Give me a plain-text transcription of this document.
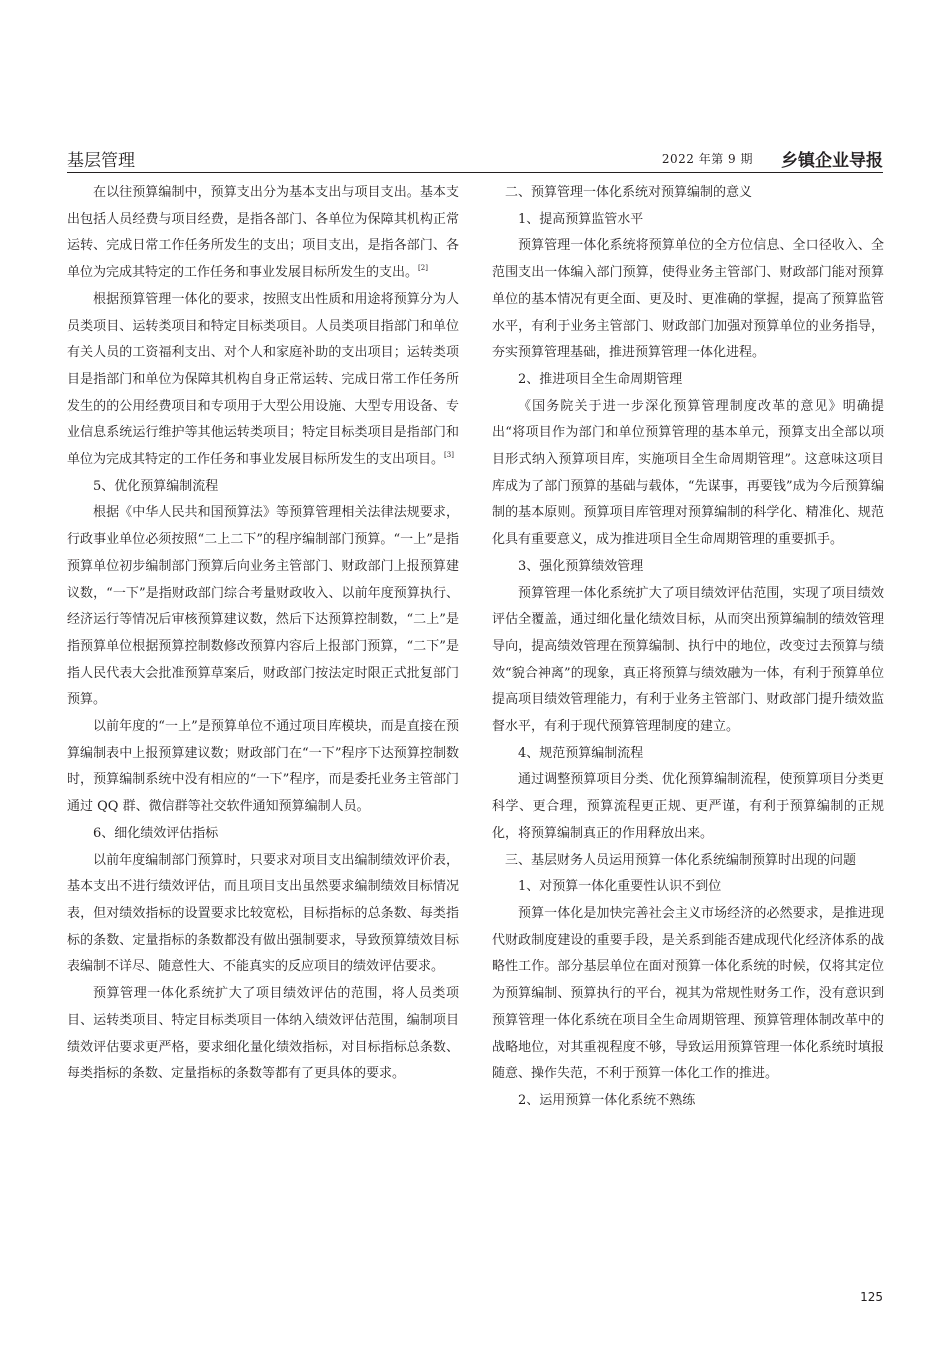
基层管理	2022 年第 9 期 乡镇企业导报

在以往预算编制中，预算支出分为基本支出与项目支出。基本支出包括人员经费与项目经费，是指各部门、各单位为保障其机构正常运转、完成日常工作任务所发生的支出；项目支出，是指各部门、各单位为完成其特定的工作任务和事业发展目标所发生的支出。[2]

根据预算管理一体化的要求，按照支出性质和用途将预算分为人员类项目、运转类项目和特定目标类项目。人员类项目指部门和单位有关人员的工资福利支出、对个人和家庭补助的支出项目；运转类项目是指部门和单位为保障其机构自身正常运转、完成日常工作任务所发生的的公用经费项目和专项用于大型公用设施、大型专用设备、专业信息系统运行维护等其他运转类项目；特定目标类项目是指部门和单位为完成其特定的工作任务和事业发展目标所发生的支出项目。[3]

5、优化预算编制流程

根据《中华人民共和国预算法》等预算管理相关法律法规要求，行政事业单位必须按照“二上二下”的程序编制部门预算。“一上”是指预算单位初步编制部门预算后向业务主管部门、财政部门上报预算建议数，“一下”是指财政部门综合考量财政收入、以前年度预算执行、经济运行等情况后审核预算建议数，然后下达预算控制数，“二上”是指预算单位根据预算控制数修改预算内容后上报部门预算，“二下”是指人民代表大会批准预算草案后，财政部门按法定时限正式批复部门预算。

以前年度的“一上”是预算单位不通过项目库模块，而是直接在预算编制表中上报预算建议数；财政部门在“一下”程序下达预算控制数时，预算编制系统中没有相应的“一下”程序，而是委托业务主管部门通过 QQ 群、微信群等社交软件通知预算编制人员。

6、细化绩效评估指标

以前年度编制部门预算时，只要求对项目支出编制绩效评价表，基本支出不进行绩效评估，而且项目支出虽然要求编制绩效目标情况表，但对绩效指标的设置要求比较宽松，目标指标的总条数、每类指标的条数、定量指标的条数都没有做出强制要求，导致预算绩效目标表编制不详尽、随意性大、不能真实的反应项目的绩效评估要求。

预算管理一体化系统扩大了项目绩效评估的范围，将人员类项目、运转类项目、特定目标类项目一体纳入绩效评估范围，编制项目绩效评估要求更严格，要求细化量化绩效指标，对目标指标总条数、每类指标的条数、定量指标的条数等都有了更具体的要求。

二、预算管理一体化系统对预算编制的意义
1、提高预算监管水平

预算管理一体化系统将预算单位的全方位信息、全口径收入、全范围支出一体编入部门预算，使得业务主管部门、财政部门能对预算单位的基本情况有更全面、更及时、更准确的掌握，提高了预算监管水平，有利于业务主管部门、财政部门加强对预算单位的业务指导，夯实预算管理基础，推进预算管理一体化进程。

2、推进项目全生命周期管理

《国务院关于进一步深化预算管理制度改革的意见》明确提出“将项目作为部门和单位预算管理的基本单元，预算支出全部以项目形式纳入预算项目库，实施项目全生命周期管理”。这意味这项目库成为了部门预算的基础与载体，“先谋事，再要钱”成为今后预算编制的基本原则。预算项目库管理对预算编制的科学化、精准化、规范化具有重要意义，成为推进项目全生命周期管理的重要抓手。

3、强化预算绩效管理

预算管理一体化系统扩大了项目绩效评估范围，实现了项目绩效评估全覆盖，通过细化量化绩效目标，从而突出预算编制的绩效管理导向，提高绩效管理在预算编制、执行中的地位，改变过去预算与绩效“貌合神离”的现象，真正将预算与绩效融为一体，有利于预算单位提高项目绩效管理能力，有利于业务主管部门、财政部门提升绩效监督水平，有利于现代预算管理制度的建立。

4、规范预算编制流程

通过调整预算项目分类、优化预算编制流程，使预算项目分类更科学、更合理，预算流程更正规、更严谨，有利于预算编制的正规化，将预算编制真正的作用释放出来。

三、基层财务人员运用预算一体化系统编制预算时出现的问题
1、对预算一体化重要性认识不到位

预算一体化是加快完善社会主义市场经济的必然要求，是推进现代财政制度建设的重要手段，是关系到能否建成现代化经济体系的战略性工作。部分基层单位在面对预算一体化系统的时候，仅将其定位为预算编制、预算执行的平台，视其为常规性财务工作，没有意识到预算管理一体化系统在项目全生命周期管理、预算管理体制改革中的战略地位，对其重视程度不够，导致运用预算管理一体化系统时填报随意、操作失范，不利于预算一体化工作的推进。

2、运用预算一体化系统不熟练
125
